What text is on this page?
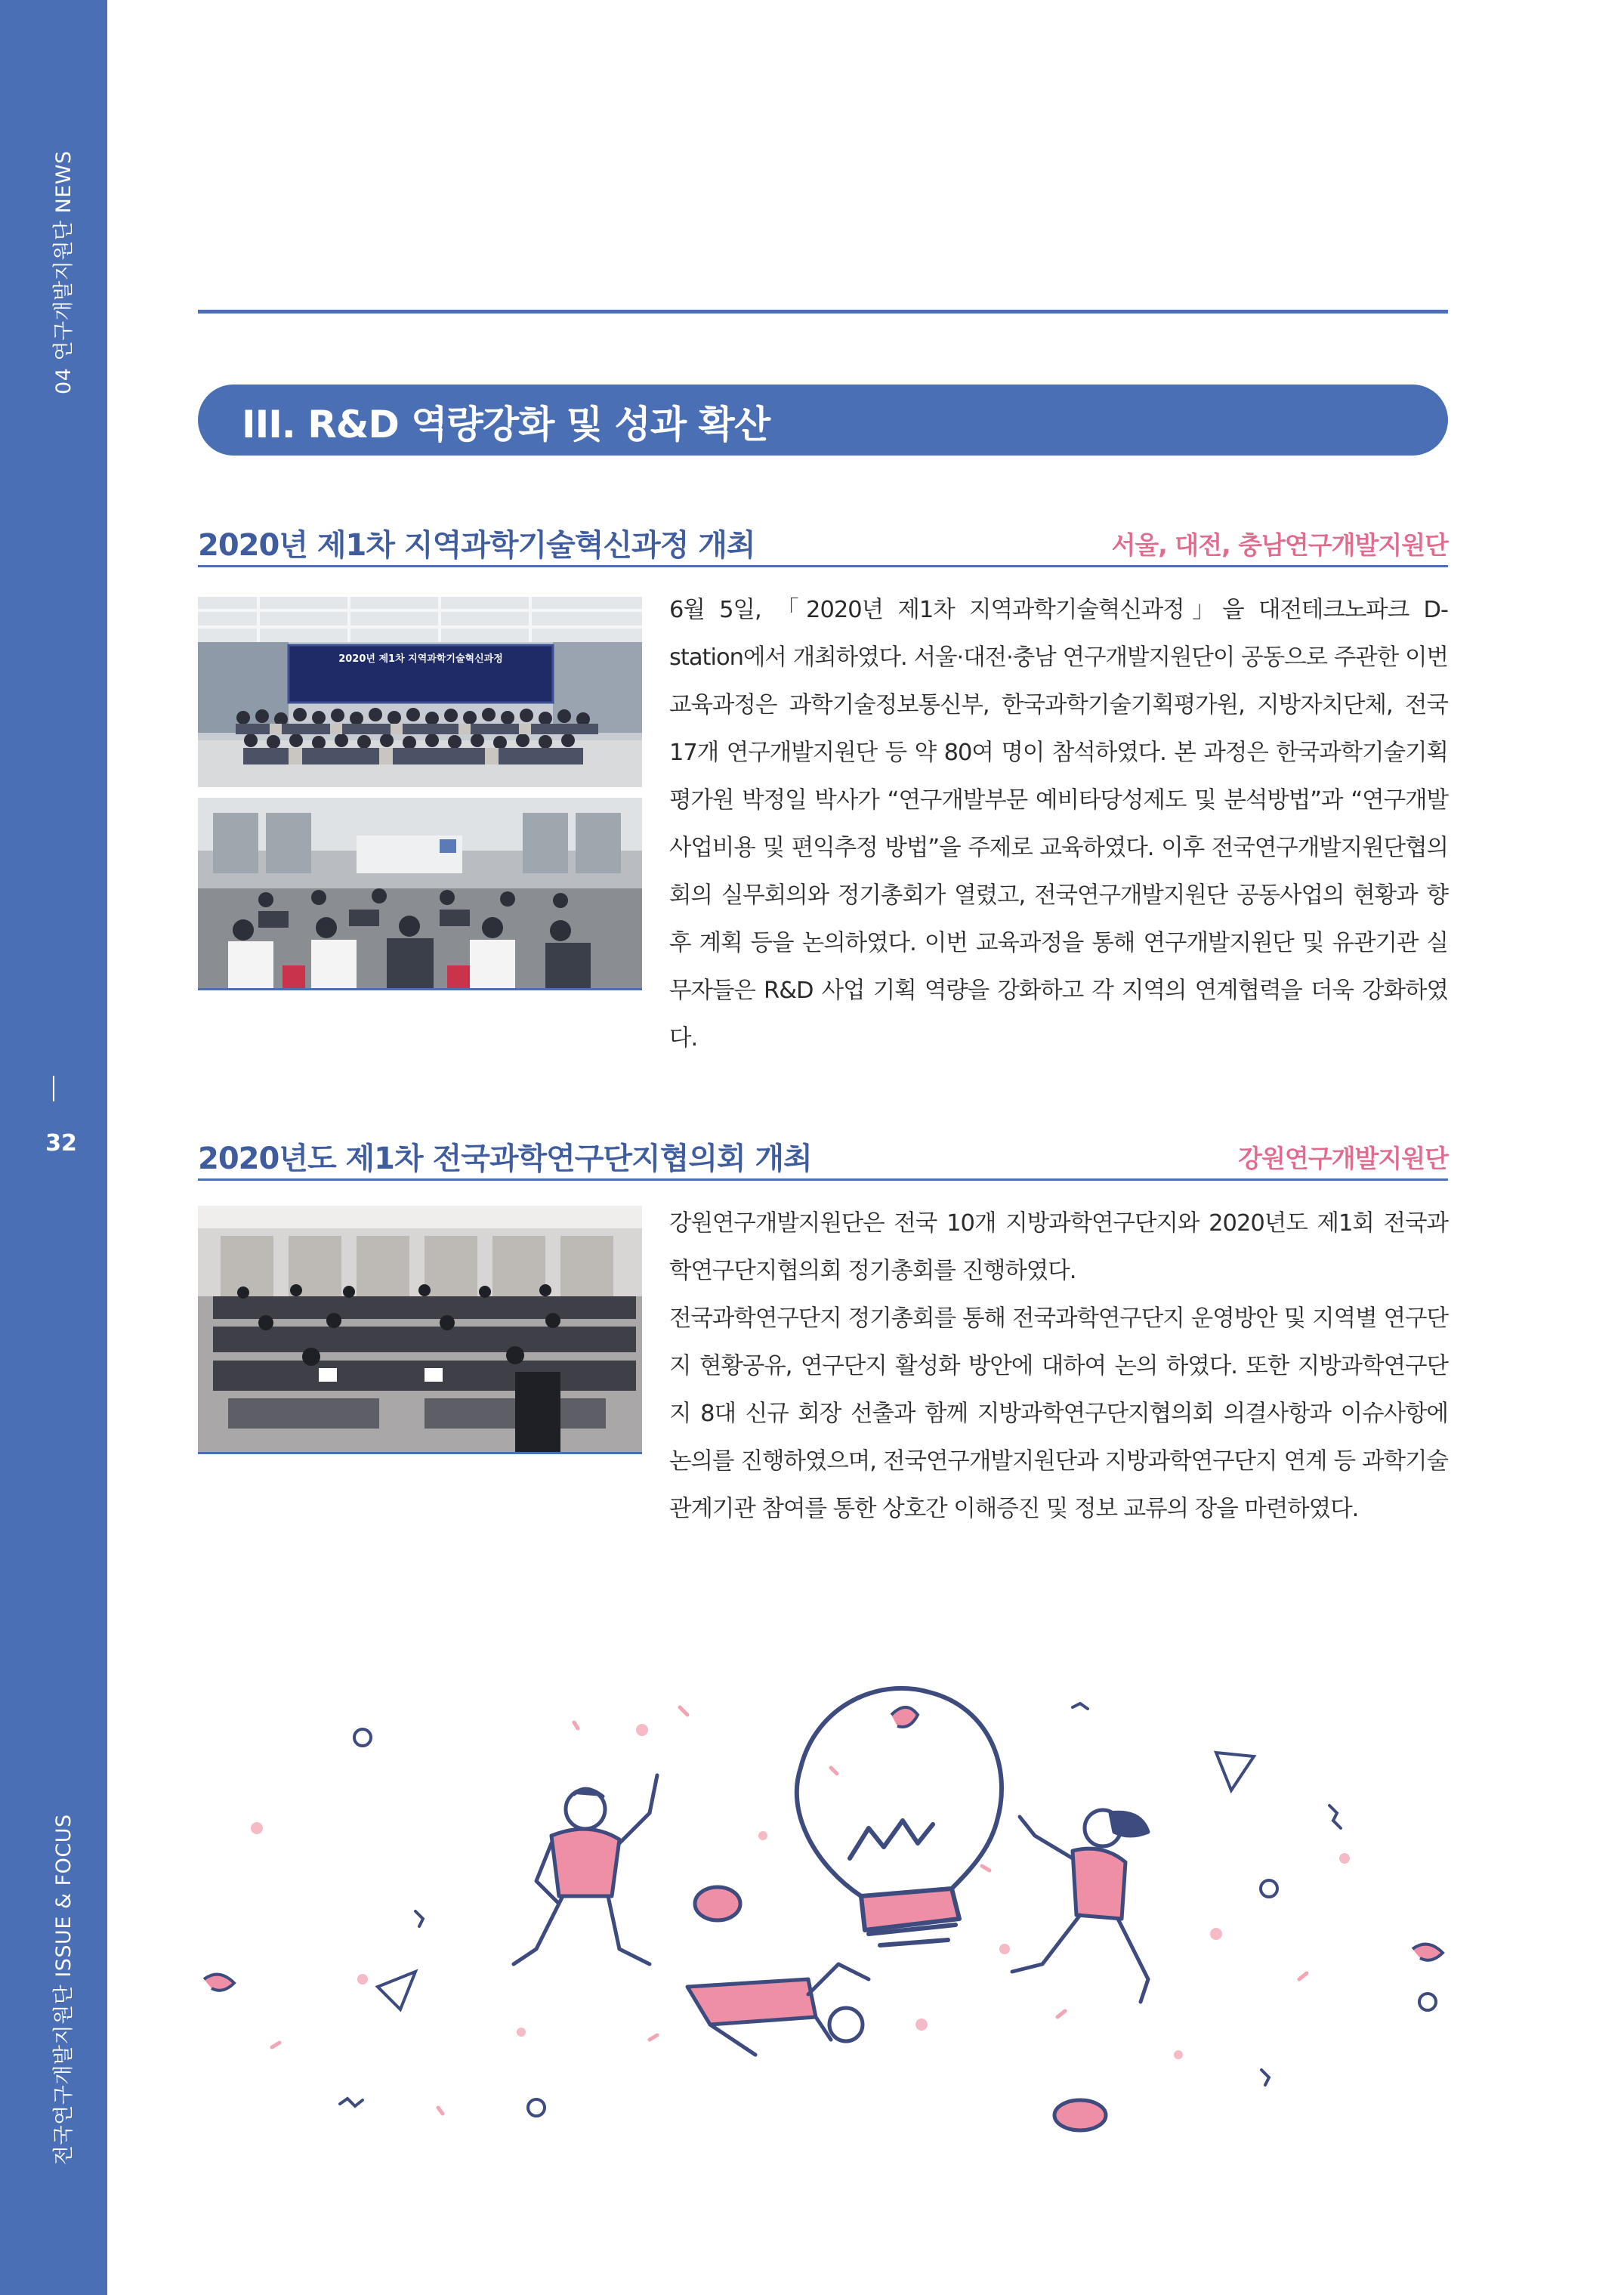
04 연구개발지원단 NEWS
32
전국연구개발지원단 ISSUE & FOCUS
III. R&D 역량강화 및 성과 확산
2020년 제1차 지역과학기술혁신과정 개최	서울, 대전, 충남연구개발지원단
2020년 제1차 지역과학기술혁신과정

6월 5일, 「2020년 제1차 지역과학기술혁신과정」을 대전테크노파크 D-station에서 개최하였다. 서울·대전·충남 연구개발지원단이 공동으로 주관한 이번 교육과정은 과학기술정보통신부, 한국과학기술기획평가원, 지방자치단체, 전국 17개 연구개발지원단 등 약 80여 명이 참석하였다. 본 과정은 한국과학기술기획평가원 박정일 박사가 “연구개발부문 예비타당성제도 및 분석방법”과 “연구개발사업비용 및 편익추정 방법”을 주제로 교육하였다. 이후 전국연구개발지원단협의회의 실무회의와 정기총회가 열렸고, 전국연구개발지원단 공동사업의 현황과 향후 계획 등을 논의하였다. 이번 교육과정을 통해 연구개발지원단 및 유관기관 실무자들은 R&D 사업 기획 역량을 강화하고 각 지역의 연계협력을 더욱 강화하였다.

2020년도 제1차 전국과학연구단지협의회 개최	강원연구개발지원단

강원연구개발지원단은 전국 10개 지방과학연구단지와 2020년도 제1회 전국과학연구단지협의회 정기총회를 진행하였다.

전국과학연구단지 정기총회를 통해 전국과학연구단지 운영방안 및 지역별 연구단지 현황공유, 연구단지 활성화 방안에 대하여 논의 하였다. 또한 지방과학연구단지 8대 신규 회장 선출과 함께 지방과학연구단지협의회 의결사항과 이슈사항에 논의를 진행하였으며, 전국연구개발지원단과 지방과학연구단지 연계 등 과학기술 관계기관 참여를 통한 상호간 이해증진 및 정보 교류의 장을 마련하였다.
